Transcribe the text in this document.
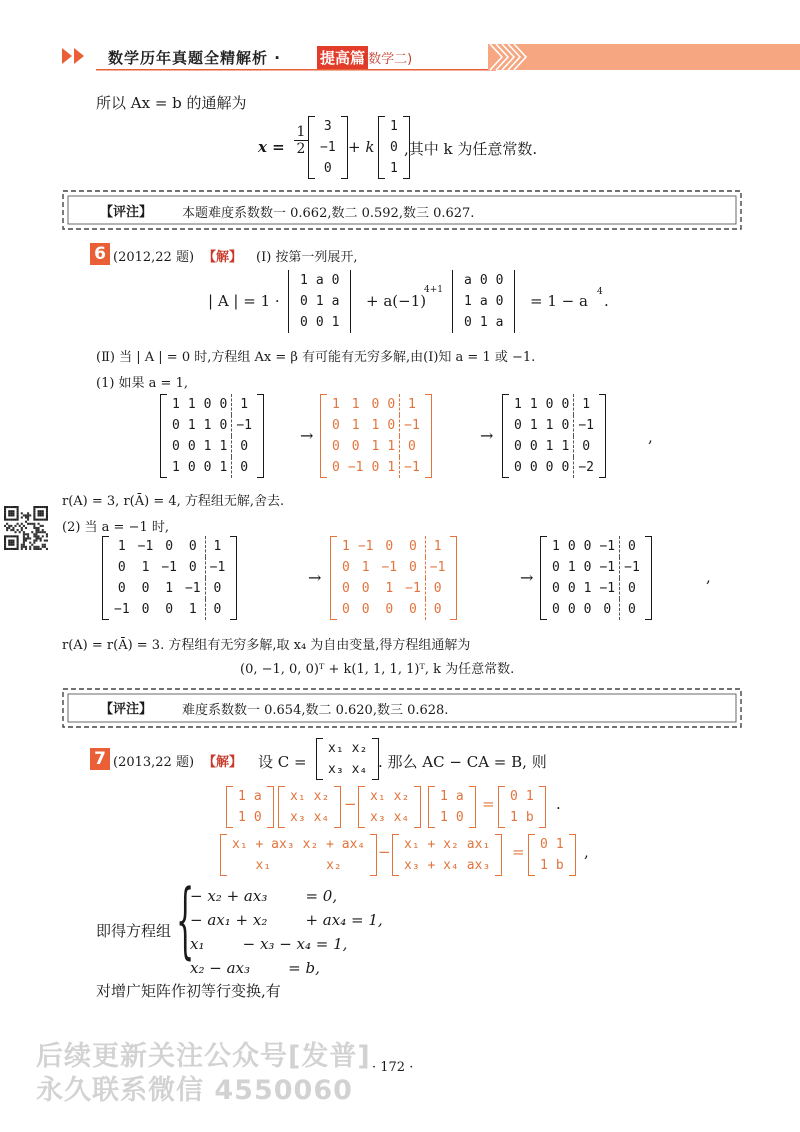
数学历年真题全精解析 ·	提高篇
(数学二)
所以 Ax = b 的通解为
x =
1
2
3
−1
0
+ k
1
0
1
,其中 k 为任意常数.
【评注】 本题难度系数数一 0.662,数二 0.592,数三 0.627.
6 (2012,22 题) 【解】 (Ⅰ) 按第一列展开,
| A | = 1 ·
1	a	0
0	1	a
0	0	1
+ a(−1)
4+1
a	0	0
1	a	0
0	1	a
= 1 − a 4 .
(Ⅱ) 当 | A | = 0 时,方程组 Ax = β 有可能有无穷多解,由(Ⅰ)知 a = 1 或 −1.
(1) 如果 a = 1,
1	1	0	0		1
0	1	1	0		−1
0	0	1	1		0
1	0	0	1		0
→
1	1	0	0		1
0	1	1	0		−1
0	0	1	1		0
0	−1	0	1		−1
→
1	1	0	0		1
0	1	1	0		−1
0	0	1	1		0
0	0	0	0		−2
,
r(A) = 3, r(Ā) = 4, 方程组无解,舍去.
(2) 当 a = −1 时,
1	−1	0	0		1
0	1	−1	0		−1
0	0	1	−1		0
−1	0	0	1		0
→
1	−1	0	0		1
0	1	−1	0		−1
0	0	1	−1		0
0	0	0	0		0
→
1	0	0	−1		0
0	1	0	−1		−1
0	0	1	−1		0
0	0	0	0		0
,
r(A) = r(Ā) = 3. 方程组有无穷多解,取 x₄ 为自由变量,得方程组通解为
(0, −1, 0, 0)ᵀ + k(1, 1, 1, 1)ᵀ, k 为任意常数.
【评注】 难度系数数一 0.654,数二 0.620,数三 0.628.
7 (2013,22 题) 【解】 设 C =
x₁	x₂
x₃	x₄ . 那么 AC − CA = B, 则
1	a
1	0
x₁	x₂
x₃	x₄
− x₁	x₂
x₃	x₄
1	a
1	0
= 0	1
1	b
.
x₁ + ax₃	x₂ + ax₄
x₁	x₂
− x₁ + x₂	ax₁
x₃ + x₄	ax₃
= 0	1
1	b
,
即得方程组 {
− x₂ + ax₃        = 0,
− ax₁ + x₂        + ax₄ = 1,
x₁        − x₃ − x₄ = 1,
x₂ − ax₃        = b,
对增广矩阵作初等行变换,有
后续更新关注公众号[发普]
永久联系微信 4550060
· 172 ·
